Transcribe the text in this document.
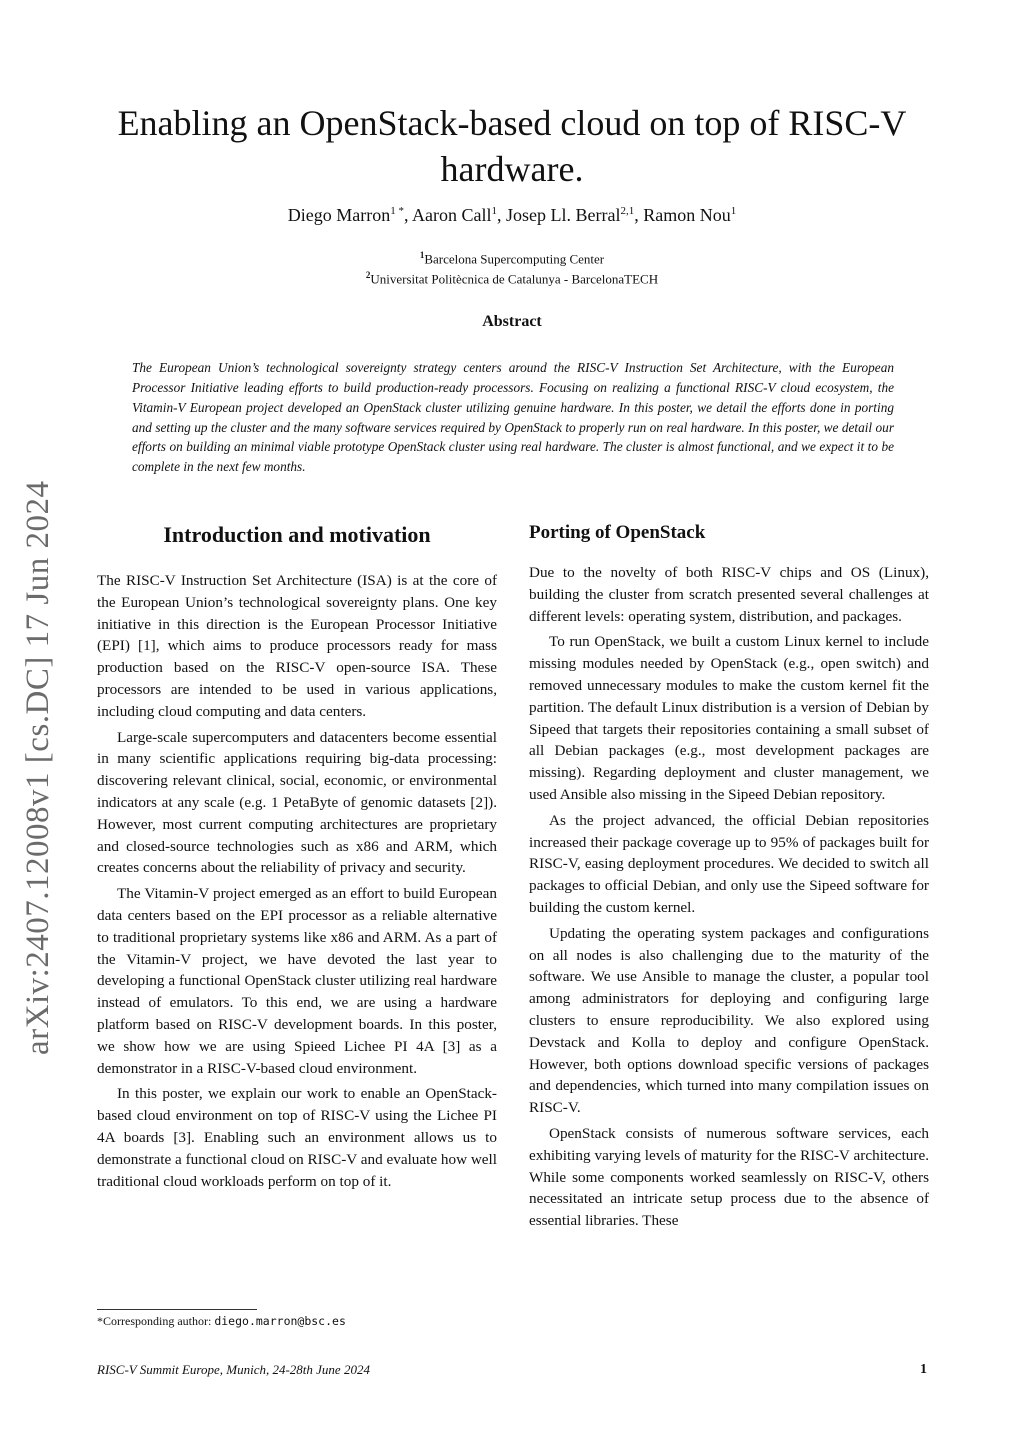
arXiv:2407.12008v1 [cs.DC] 17 Jun 2024
Enabling an OpenStack-based cloud on top of RISC-V hardware.
Diego Marron$^{1 *}$, Aaron Call$^1$, Josep Ll. Berral$^{2,1}$, Ramon Nou$^1$
$^1$Barcelona Supercomputing Center
$^2$Universitat Politècnica de Catalunya - BarcelonaTECH
Abstract

The European Union’s technological sovereignty strategy centers around the RISC-V Instruction Set Architecture, with the European Processor Initiative leading efforts to build production-ready processors. Focusing on realizing a functional RISC-V cloud ecosystem, the Vitamin-V European project developed an OpenStack cluster utilizing genuine hardware. In this poster, we detail the efforts done in porting and setting up the cluster and the many software services required by OpenStack to properly run on real hardware. In this poster, we detail our efforts on building an minimal viable prototype OpenStack cluster using real hardware. The cluster is almost functional, and we expect it to be complete in the next few months.

Introduction and motivation

The RISC-V Instruction Set Architecture (ISA) is at the core of the European Union’s technological sovereignty plans. One key initiative in this direction is the European Processor Initiative (EPI) [1], which aims to produce processors ready for mass production based on the RISC-V open-source ISA. These processors are intended to be used in various applications, including cloud computing and data centers.

Large-scale supercomputers and datacenters become essential in many scientific applications requiring big-data processing: discovering relevant clinical, social, economic, or environmental indicators at any scale (e.g. 1 PetaByte of genomic datasets [2]). However, most current computing architectures are proprietary and closed-source technologies such as x86 and ARM, which creates concerns about the reliability of privacy and security.

The Vitamin-V project emerged as an effort to build European data centers based on the EPI processor as a reliable alternative to traditional proprietary systems like x86 and ARM. As a part of the Vitamin-V project, we have devoted the last year to developing a functional OpenStack cluster utilizing real hardware instead of emulators. To this end, we are using a hardware platform based on RISC-V development boards. In this poster, we show how we are using Spieed Lichee PI 4A [3] as a demonstrator in a RISC-V-based cloud environment.

In this poster, we explain our work to enable an OpenStack-based cloud environment on top of RISC-V using the Lichee PI 4A boards [3]. Enabling such an environment allows us to demonstrate a functional cloud on RISC-V and evaluate how well traditional cloud workloads perform on top of it.

Porting of OpenStack

Due to the novelty of both RISC-V chips and OS (Linux), building the cluster from scratch presented several challenges at different levels: operating system, distribution, and packages.

To run OpenStack, we built a custom Linux kernel to include missing modules needed by OpenStack (e.g., open switch) and removed unnecessary modules to make the custom kernel fit the partition. The default Linux distribution is a version of Debian by Sipeed that targets their repositories containing a small subset of all Debian packages (e.g., most development packages are missing). Regarding deployment and cluster management, we used Ansible also missing in the Sipeed Debian repository.

As the project advanced, the official Debian repositories increased their package coverage up to 95% of packages built for RISC-V, easing deployment procedures. We decided to switch all packages to official Debian, and only use the Sipeed software for building the custom kernel.

Updating the operating system packages and configurations on all nodes is also challenging due to the maturity of the software. We use Ansible to manage the cluster, a popular tool among administrators for deploying and configuring large clusters to ensure reproducibility. We also explored using Devstack and Kolla to deploy and configure OpenStack. However, both options download specific versions of packages and dependencies, which turned into many compilation issues on RISC-V.

OpenStack consists of numerous software services, each exhibiting varying levels of maturity for the RISC-V architecture. While some components worked seamlessly on RISC-V, others necessitated an intricate setup process due to the absence of essential libraries. These

*Corresponding author: diego.marron@bsc.es
RISC-V Summit Europe, Munich, 24-28th June 2024	1
